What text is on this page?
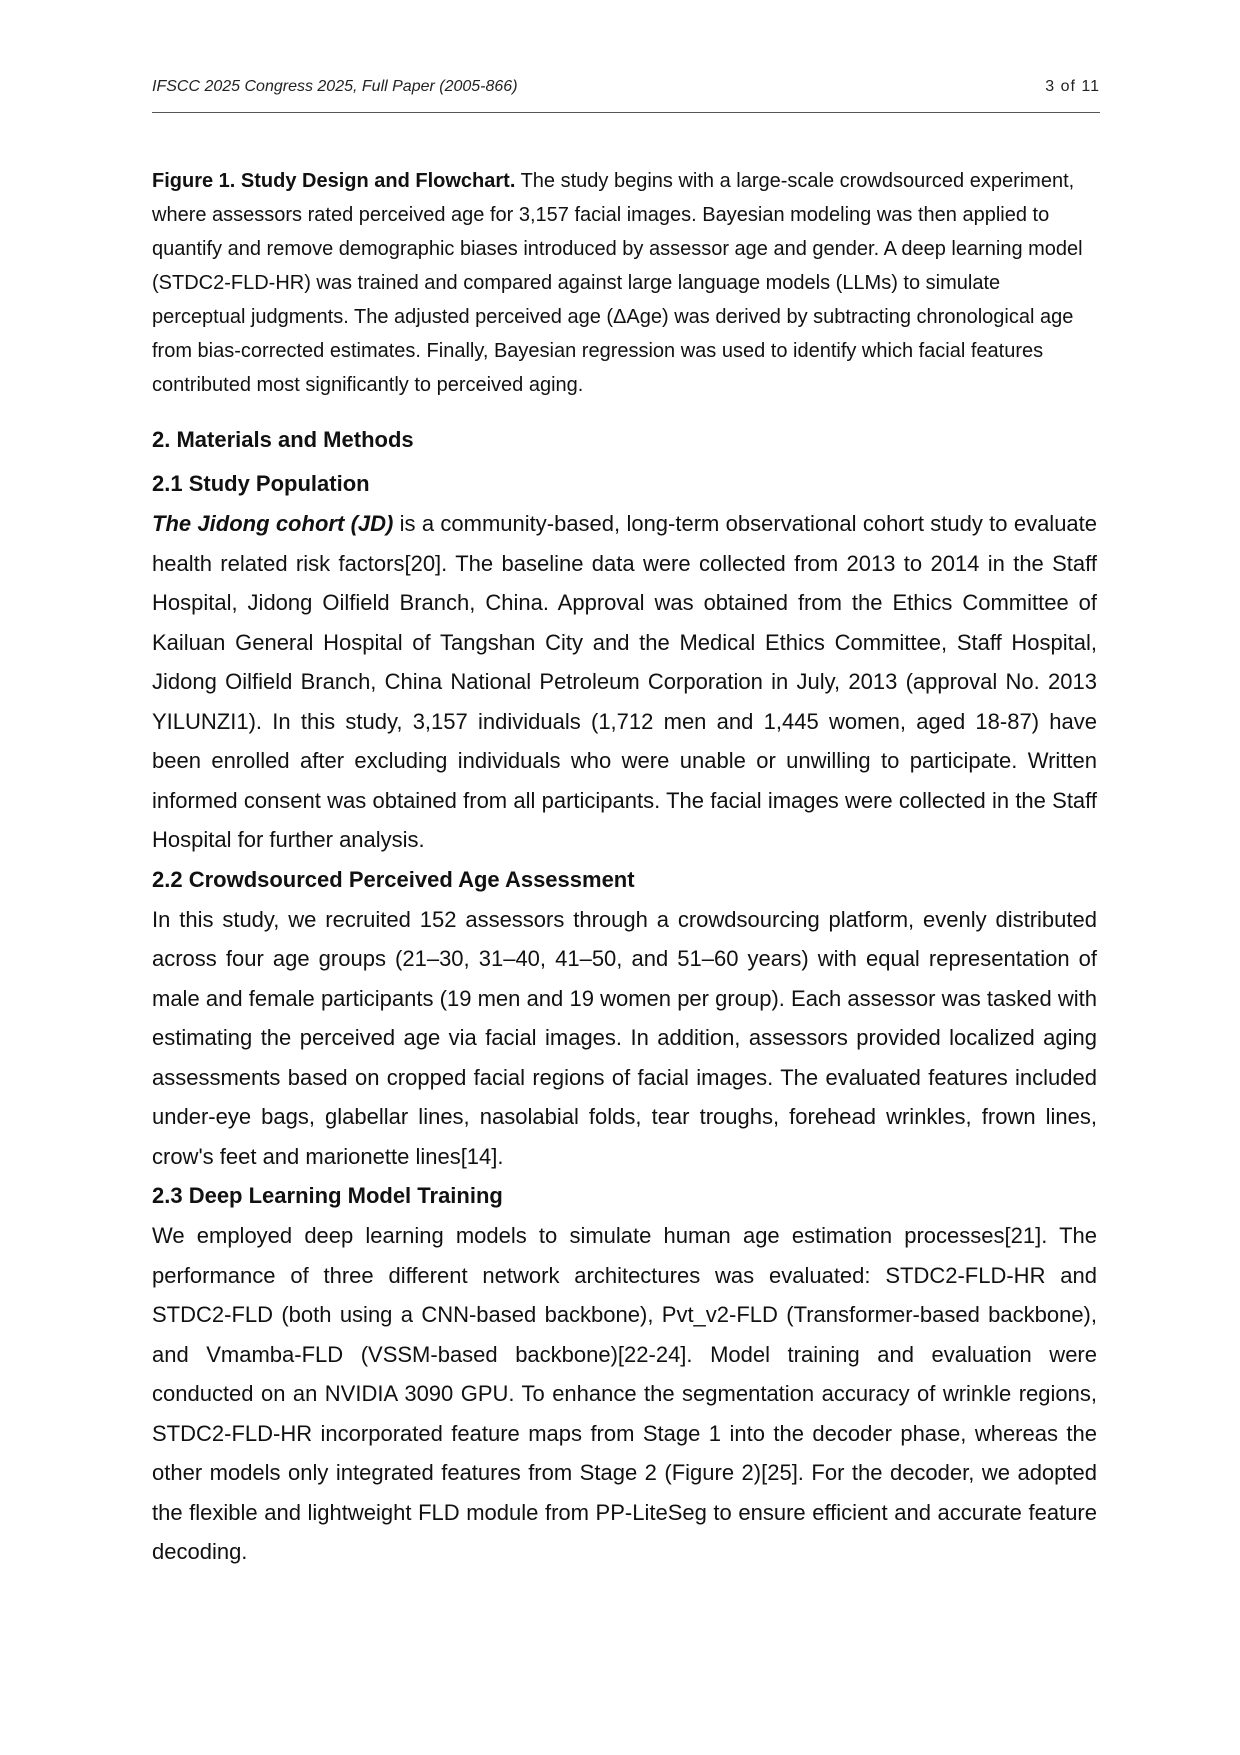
IFSCC 2025 Congress 2025, Full Paper (2005-866)	3 of 11

Figure 1. Study Design and Flowchart. The study begins with a large-scale crowdsourced experiment, where assessors rated perceived age for 3,157 facial images. Bayesian modeling was then applied to quantify and remove demographic biases introduced by assessor age and gender. A deep learning model (STDC2-FLD-HR) was trained and compared against large language models (LLMs) to simulate perceptual judgments. The adjusted perceived age (ΔAge) was derived by subtracting chronological age from bias-corrected estimates. Finally, Bayesian regression was used to identify which facial features contributed most significantly to perceived aging.

2. Materials and Methods
2.1 Study Population

The Jidong cohort (JD) is a community-based, long-term observational cohort study to evaluate health related risk factors[20]. The baseline data were collected from 2013 to 2014 in the Staff Hospital, Jidong Oilfield Branch, China. Approval was obtained from the Ethics Committee of Kailuan General Hospital of Tangshan City and the Medical Ethics Committee, Staff Hospital, Jidong Oilfield Branch, China National Petroleum Corporation in July, 2013 (approval No. 2013 YILUNZI1). In this study, 3,157 individuals (1,712 men and 1,445 women, aged 18-87) have been enrolled after excluding individuals who were unable or unwilling to participate. Written informed consent was obtained from all participants. The facial images were collected in the Staff Hospital for further analysis.

2.2 Crowdsourced Perceived Age Assessment

In this study, we recruited 152 assessors through a crowdsourcing platform, evenly distributed across four age groups (21–30, 31–40, 41–50, and 51–60 years) with equal representation of male and female participants (19 men and 19 women per group). Each assessor was tasked with estimating the perceived age via facial images. In addition, assessors provided localized aging assessments based on cropped facial regions of facial images. The evaluated features included under-eye bags, glabellar lines, nasolabial folds, tear troughs, forehead wrinkles, frown lines, crow's feet and marionette lines[14].

2.3 Deep Learning Model Training

We employed deep learning models to simulate human age estimation processes[21]. The performance of three different network architectures was evaluated: STDC2-FLD-HR and STDC2-FLD (both using a CNN-based backbone), Pvt_v2-FLD (Transformer-based backbone), and Vmamba-FLD (VSSM-based backbone)[22-24]. Model training and evaluation were conducted on an NVIDIA 3090 GPU. To enhance the segmentation accuracy of wrinkle regions, STDC2-FLD-HR incorporated feature maps from Stage 1 into the decoder phase, whereas the other models only integrated features from Stage 2 (Figure 2)[25]. For the decoder, we adopted the flexible and lightweight FLD module from PP-LiteSeg to ensure efficient and accurate feature decoding.
